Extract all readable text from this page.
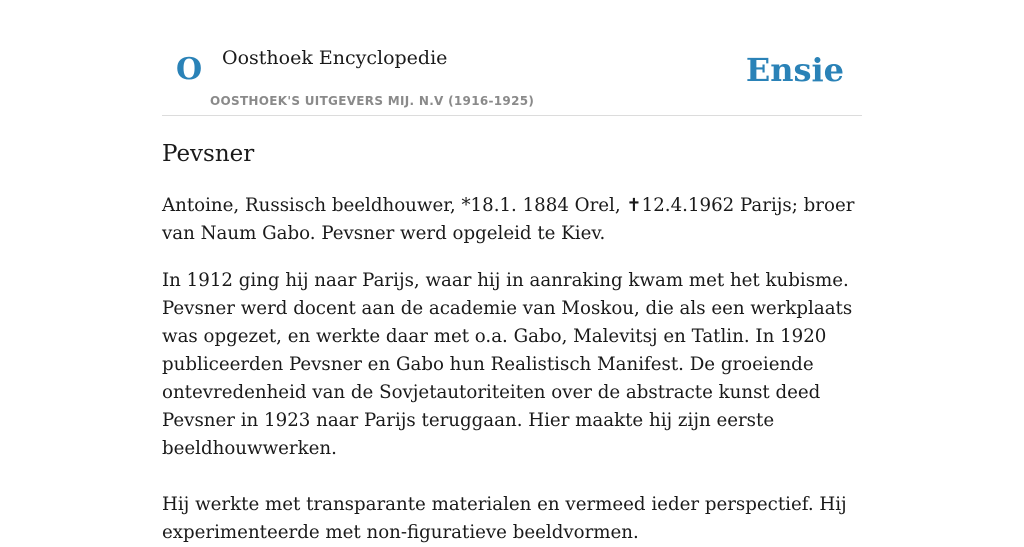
O Oosthoek Encyclopedie
OOSTHOEK'S UITGEVERS MIJ. N.V (1916-1925)
Ensie
Pevsner

Antoine, Russisch beeldhouwer, *18.1. 1884 Orel, ✝12.4.1962 Parijs; broer van Naum Gabo. Pevsner werd opgeleid te Kiev.

In 1912 ging hij naar Parijs, waar hij in aanraking kwam met het kubisme. Pevsner werd docent aan de academie van Moskou, die als een werkplaats was opgezet, en werkte daar met o.a. Gabo, Malevitsj en Tatlin. In 1920 publiceerden Pevsner en Gabo hun Realistisch Manifest. De groeiende ontevredenheid van de Sovjetautoriteiten over de abstracte kunst deed Pevsner in 1923 naar Parijs teruggaan. Hier maakte hij zijn eerste beeldhouwwerken.

Hij werkte met transparante materialen en vermeed ieder perspectief. Hij experimenteerde met non-figuratieve beeldvormen.
